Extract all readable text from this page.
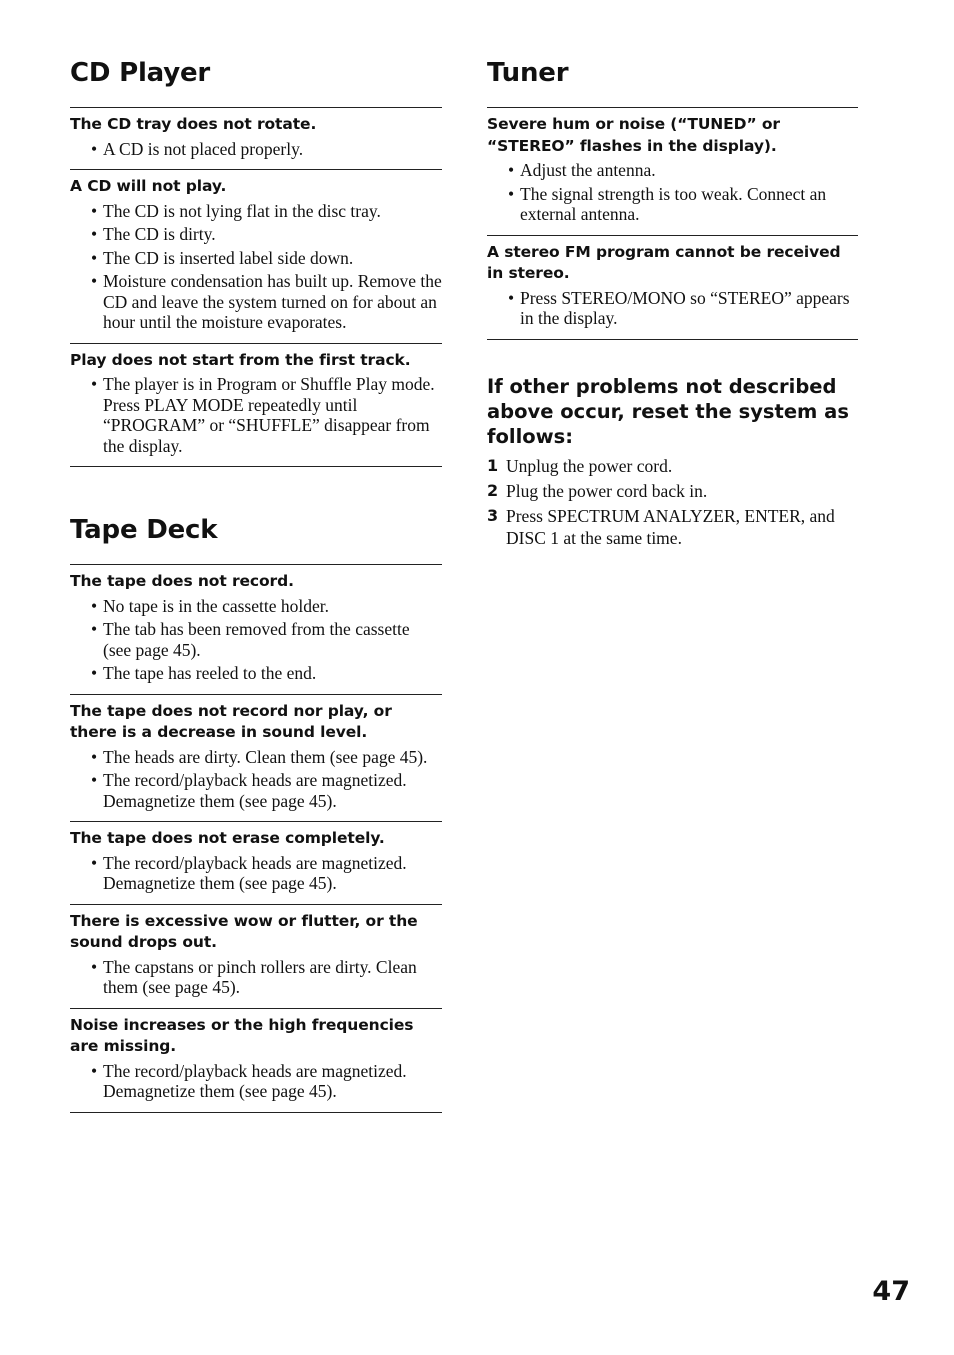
CD Player
The CD tray does not rotate.
• A CD is not placed properly.
A CD will not play.
• The CD is not lying flat in the disc tray.
• The CD is dirty.
• The CD is inserted label side down.
• Moisture condensation has built up. Remove the CD and leave the system turned on for about an hour until the moisture evaporates.
Play does not start from the first track.
• The player is in Program or Shuffle Play mode. Press PLAY MODE repeatedly until “PROGRAM” or “SHUFFLE” disappear from the display.
Tape Deck
The tape does not record.
• No tape is in the cassette holder.
• The tab has been removed from the cassette (see page 45).
• The tape has reeled to the end.
The tape does not record nor play, or there is a decrease in sound level.
• The heads are dirty. Clean them (see page 45).
• The record/playback heads are magnetized. Demagnetize them (see page 45).
The tape does not erase completely.
• The record/playback heads are magnetized. Demagnetize them (see page 45).
There is excessive wow or flutter, or the sound drops out.
• The capstans or pinch rollers are dirty. Clean them (see page 45).
Noise increases or the high frequencies are missing.
• The record/playback heads are magnetized. Demagnetize them (see page 45).
Tuner
Severe hum or noise (“TUNED” or “STEREO” flashes in the display).
• Adjust the antenna.
• The signal strength is too weak. Connect an external antenna.
A stereo FM program cannot be received in stereo.
• Press STEREO/MONO so “STEREO” appears in the display.
If other problems not described above occur, reset the system as follows:
1 Unplug the power cord.
2 Plug the power cord back in.
3 Press SPECTRUM ANALYZER, ENTER, and DISC 1 at the same time.
47
